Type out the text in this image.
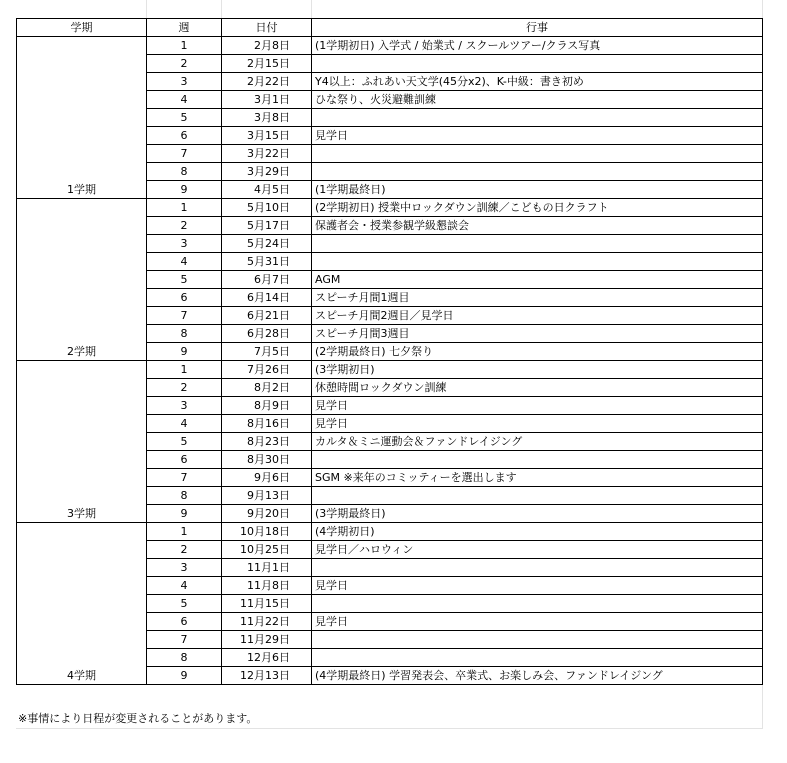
学期	週	日付	行事
1学期	1	2月8日	(1学期初日) 入学式 / 始業式 / スクールツアー/クラス写真
	2	2月15日	
	3	2月22日	Y4以上：ふれあい天文学(45分x2)、K-中級：書き初め
	4	3月1日	ひな祭り、火災避難訓練
	5	3月8日	
	6	3月15日	見学日
	7	3月22日	
	8	3月29日	
	9	4月5日	(1学期最終日)
2学期	1	5月10日	(2学期初日) 授業中ロックダウン訓練／こどもの日クラフト
	2	5月17日	保護者会・授業参観学級懇談会
	3	5月24日	
	4	5月31日	
	5	6月7日	AGM
	6	6月14日	スピーチ月間1週目
	7	6月21日	スピーチ月間2週目／見学日
	8	6月28日	スピーチ月間3週目
	9	7月5日	(2学期最終日) 七夕祭り
3学期	1	7月26日	(3学期初日)
	2	8月2日	休憩時間ロックダウン訓練
	3	8月9日	見学日
	4	8月16日	見学日
	5	8月23日	カルタ＆ミニ運動会＆ファンドレイジング
	6	8月30日	
	7	9月6日	SGM ※来年のコミッティーを選出します
	8	9月13日	
	9	9月20日	(3学期最終日)
4学期	1	10月18日	(4学期初日)
	2	10月25日	見学日／ハロウィン
	3	11月1日	
	4	11月8日	見学日
	5	11月15日	
	6	11月22日	見学日
	7	11月29日	
	8	12月6日	
	9	12月13日	(4学期最終日) 学習発表会、卒業式、お楽しみ会、ファンドレイジング
※事情により日程が変更されることがあります。
